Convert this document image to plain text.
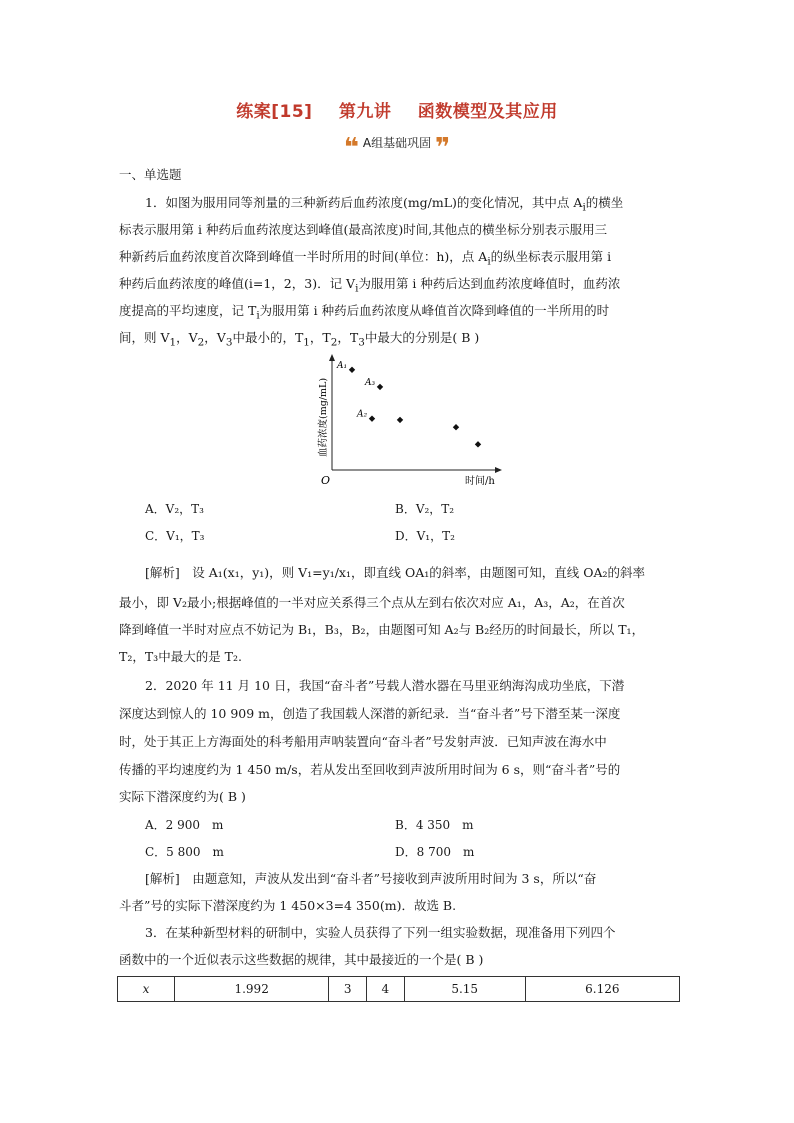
练案[15] 第九讲 函数模型及其应用
❝ A组基础巩固 ❞
一、单选题
1．如图为服用同等剂量的三种新药后血药浓度(mg/mL)的变化情况，其中点 $A_i$的横坐
标表示服用第 i 种药后血药浓度达到峰值(最高浓度)时间,其他点的横坐标分别表示服用三
种新药后血药浓度首次降到峰值一半时所用的时间(单位：h)，点 $A_i$的纵坐标表示服用第 i
种药后血药浓度的峰值(i=1，2，3)．记 $V_i$为服用第 i 种药后达到血药浓度峰值时，血药浓
度提高的平均速度，记 $T_i$为服用第 i 种药后血药浓度从峰值首次降到峰值的一半所用的时
间，则 $V_1$，$V_2$，$V_3$中最小的，$T_1$，$T_2$，$T_3$中最大的分别是( B )
O	时间/h
血药浓度(mg/mL)
A₁
A₃
A₂
A．V₂，T₃	B．V₂，T₂
C．V₁，T₃	D．V₁，T₂
[解析]　设 A₁(x₁，y₁)，则 V₁=y₁/x₁，即直线 OA₁的斜率，由题图可知，直线 OA₂的斜率
最小，即 V₂最小;根据峰值的一半对应关系得三个点从左到右依次对应 A₁，A₃，A₂，在首次
降到峰值一半时对应点不妨记为 B₁，B₃，B₂，由题图可知 A₂与 B₂经历的时间最长，所以 T₁，
T₂，T₃中最大的是 T₂.
2．2020 年 11 月 10 日，我国“奋斗者”号载人潜水器在马里亚纳海沟成功坐底，下潜
深度达到惊人的 10 909 m，创造了我国载人深潜的新纪录．当“奋斗者”号下潜至某一深度
时，处于其正上方海面处的科考船用声呐装置向“奋斗者”号发射声波．已知声波在海水中
传播的平均速度约为 1 450 m/s，若从发出至回收到声波所用时间为 6 s，则“奋斗者”号的
实际下潜深度约为( B )
A．2 900　m	B．4 350　m
C．5 800　m	D．8 700　m
[解析]　由题意知，声波从发出到“奋斗者”号接收到声波所用时间为 3 s，所以“奋
斗者”号的实际下潜深度约为 1 450×3=4 350(m)．故选 B.
3．在某种新型材料的研制中，实验人员获得了下列一组实验数据，现准备用下列四个
函数中的一个近似表示这些数据的规律，其中最接近的一个是( B )
x	1.992	3	4	5.15	6.126
